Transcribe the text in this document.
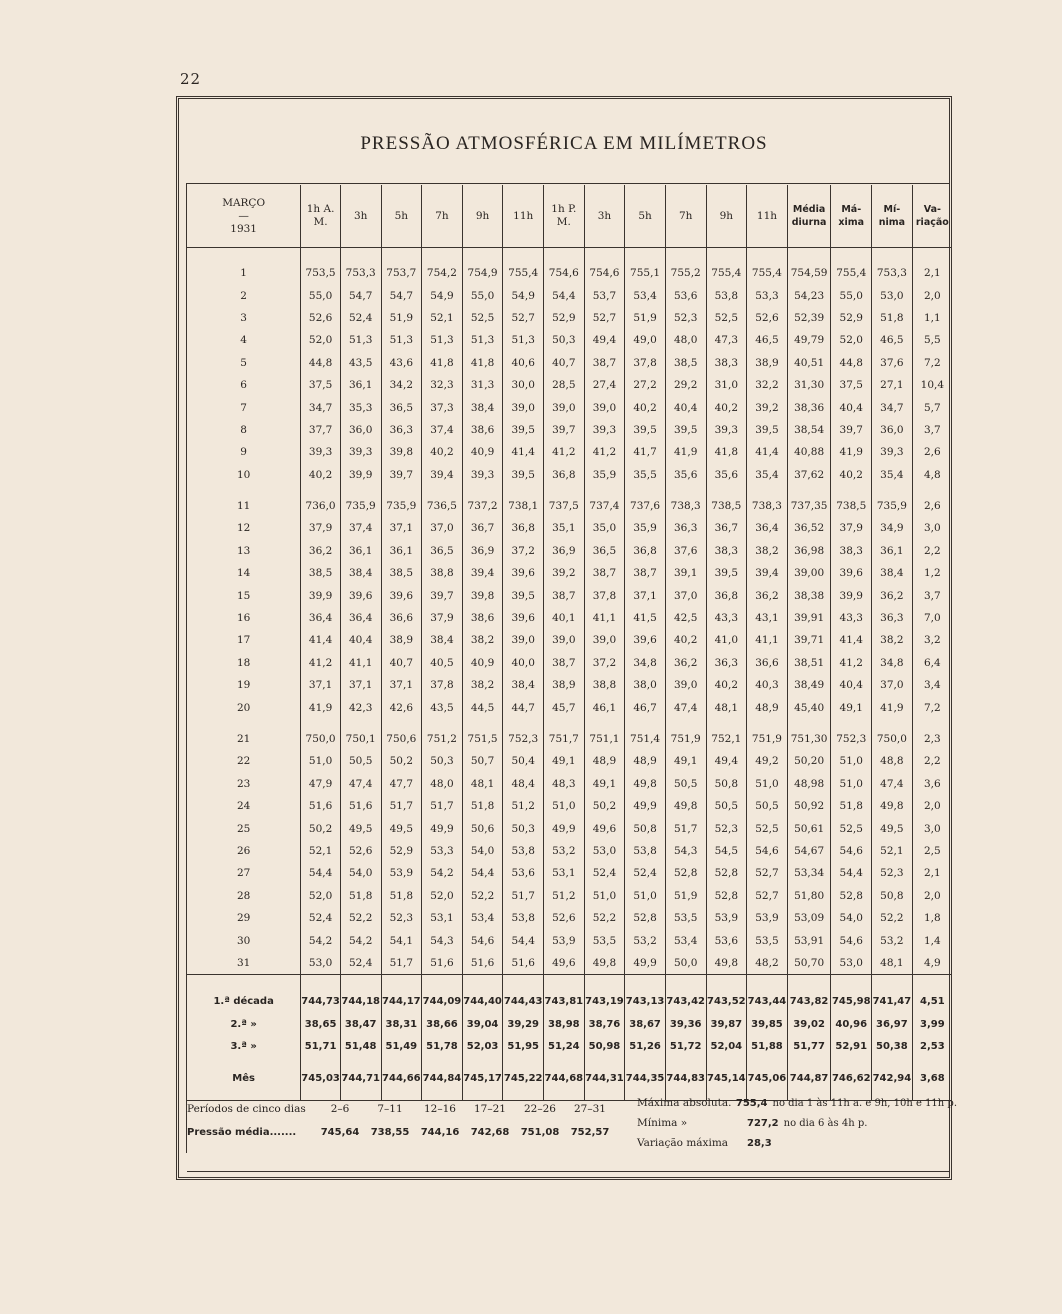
22
PRESSÃO ATMOSFÉRICA EM MILÍMETROS
MARÇO
—
1931	1h A. M.	3h	5h	7h	9h	11h	1h P. M.	3h	5h	7h	9h	11h	Média diurna	Má- xima	Mí- nima	Va- riação

1	753,5	753,3	753,7	754,2	754,9	755,4	754,6	754,6	755,1	755,2	755,4	755,4	754,59	755,4	753,3	2,1
2	55,0	54,7	54,7	54,9	55,0	54,9	54,4	53,7	53,4	53,6	53,8	53,3	54,23	55,0	53,0	2,0
3	52,6	52,4	51,9	52,1	52,5	52,7	52,9	52,7	51,9	52,3	52,5	52,6	52,39	52,9	51,8	1,1
4	52,0	51,3	51,3	51,3	51,3	51,3	50,3	49,4	49,0	48,0	47,3	46,5	49,79	52,0	46,5	5,5
5	44,8	43,5	43,6	41,8	41,8	40,6	40,7	38,7	37,8	38,5	38,3	38,9	40,51	44,8	37,6	7,2
6	37,5	36,1	34,2	32,3	31,3	30,0	28,5	27,4	27,2	29,2	31,0	32,2	31,30	37,5	27,1	10,4
7	34,7	35,3	36,5	37,3	38,4	39,0	39,0	39,0	40,2	40,4	40,2	39,2	38,36	40,4	34,7	5,7
8	37,7	36,0	36,3	37,4	38,6	39,5	39,7	39,3	39,5	39,5	39,3	39,5	38,54	39,7	36,0	3,7
9	39,3	39,3	39,8	40,2	40,9	41,4	41,2	41,2	41,7	41,9	41,8	41,4	40,88	41,9	39,3	2,6
10	40,2	39,9	39,7	39,4	39,3	39,5	36,8	35,9	35,5	35,6	35,6	35,4	37,62	40,2	35,4	4,8

11	736,0	735,9	735,9	736,5	737,2	738,1	737,5	737,4	737,6	738,3	738,5	738,3	737,35	738,5	735,9	2,6
12	37,9	37,4	37,1	37,0	36,7	36,8	35,1	35,0	35,9	36,3	36,7	36,4	36,52	37,9	34,9	3,0
13	36,2	36,1	36,1	36,5	36,9	37,2	36,9	36,5	36,8	37,6	38,3	38,2	36,98	38,3	36,1	2,2
14	38,5	38,4	38,5	38,8	39,4	39,6	39,2	38,7	38,7	39,1	39,5	39,4	39,00	39,6	38,4	1,2
15	39,9	39,6	39,6	39,7	39,8	39,5	38,7	37,8	37,1	37,0	36,8	36,2	38,38	39,9	36,2	3,7
16	36,4	36,4	36,6	37,9	38,6	39,6	40,1	41,1	41,5	42,5	43,3	43,1	39,91	43,3	36,3	7,0
17	41,4	40,4	38,9	38,4	38,2	39,0	39,0	39,0	39,6	40,2	41,0	41,1	39,71	41,4	38,2	3,2
18	41,2	41,1	40,7	40,5	40,9	40,0	38,7	37,2	34,8	36,2	36,3	36,6	38,51	41,2	34,8	6,4
19	37,1	37,1	37,1	37,8	38,2	38,4	38,9	38,8	38,0	39,0	40,2	40,3	38,49	40,4	37,0	3,4
20	41,9	42,3	42,6	43,5	44,5	44,7	45,7	46,1	46,7	47,4	48,1	48,9	45,40	49,1	41,9	7,2

21	750,0	750,1	750,6	751,2	751,5	752,3	751,7	751,1	751,4	751,9	752,1	751,9	751,30	752,3	750,0	2,3
22	51,0	50,5	50,2	50,3	50,7	50,4	49,1	48,9	48,9	49,1	49,4	49,2	50,20	51,0	48,8	2,2
23	47,9	47,4	47,7	48,0	48,1	48,4	48,3	49,1	49,8	50,5	50,8	51,0	48,98	51,0	47,4	3,6
24	51,6	51,6	51,7	51,7	51,8	51,2	51,0	50,2	49,9	49,8	50,5	50,5	50,92	51,8	49,8	2,0
25	50,2	49,5	49,5	49,9	50,6	50,3	49,9	49,6	50,8	51,7	52,3	52,5	50,61	52,5	49,5	3,0
26	52,1	52,6	52,9	53,3	54,0	53,8	53,2	53,0	53,8	54,3	54,5	54,6	54,67	54,6	52,1	2,5
27	54,4	54,0	53,9	54,2	54,4	53,6	53,1	52,4	52,4	52,8	52,8	52,7	53,34	54,4	52,3	2,1
28	52,0	51,8	51,8	52,0	52,2	51,7	51,2	51,0	51,0	51,9	52,8	52,7	51,80	52,8	50,8	2,0
29	52,4	52,2	52,3	53,1	53,4	53,8	52,6	52,2	52,8	53,5	53,9	53,9	53,09	54,0	52,2	1,8
30	54,2	54,2	54,1	54,3	54,6	54,4	53,9	53,5	53,2	53,4	53,6	53,5	53,91	54,6	53,2	1,4
31	53,0	52,4	51,7	51,6	51,6	51,6	49,6	49,8	49,9	50,0	49,8	48,2	50,70	53,0	48,1	4,9

1.ª década	744,73	744,18	744,17	744,09	744,40	744,43	743,81	743,19	743,13	743,42	743,52	743,44	743,82	745,98	741,47	4,51
2.ª »	38,65	38,47	38,31	38,66	39,04	39,29	38,98	38,76	38,67	39,36	39,87	39,85	39,02	40,96	36,97	3,99
3.ª »	51,71	51,48	51,49	51,78	52,03	51,95	51,24	50,98	51,26	51,72	52,04	51,88	51,77	52,91	50,38	2,53

Mês	745,03	744,71	744,66	744,84	745,17	745,22	744,68	744,31	744,35	744,83	745,14	745,06	744,87	746,62	742,94	3,68

Períodos de cinco dias	2–6	7–11	12–16	17–21	22–26	27–31
Pressão média.......	745,64	738,55	744,16	742,68	751,08	752,57
Máxima absoluta. 755,4 no dia 1 às 11h a. e 9h, 10h e 11h p.
Mínima »	727,2 no dia 6 às 4h p.
Variação máxima	28,3
